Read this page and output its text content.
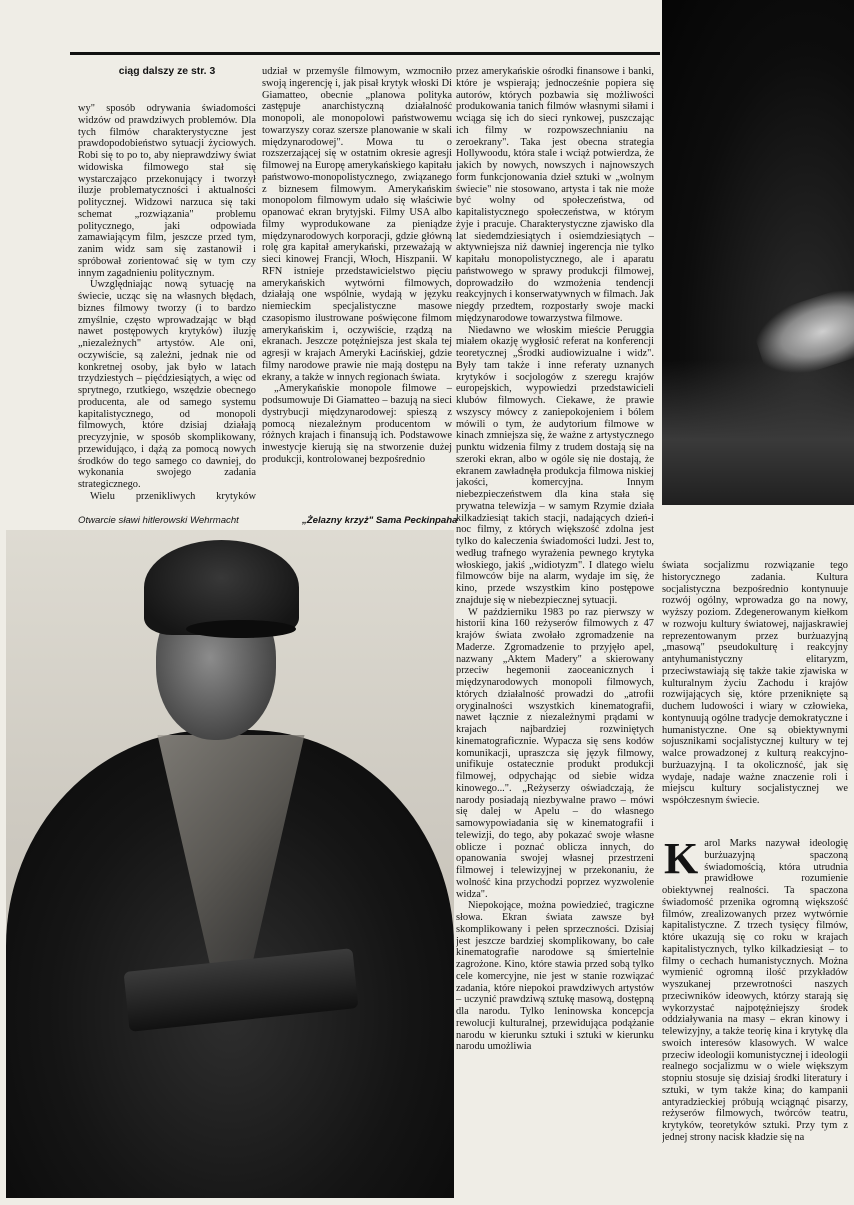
ciąg dalszy ze str. 3

wy" sposób odrywania świadomości widzów od prawdziwych problemów. Dla tych filmów charakterystyczne jest prawdopodobieństwo sytuacji życiowych. Robi się to po to, aby nieprawdziwy świat widowiska filmowego stał się wystarczająco przekonujący i tworzył iluzje problematyczności i aktualności politycznej. Widzowi narzuca się taki schemat „rozwiązania" problemu politycznego, jaki odpowiada zamawiającym film, jeszcze przed tym, zanim widz sam się zastanowił i spróbował zorientować się w tym czy innym zagadnieniu politycznym.

Uwzględniając nową sytuację na świecie, ucząc się na własnych błędach, biznes filmowy tworzy (i to bardzo zmyślnie, często wprowadzając w błąd nawet postępowych krytyków) iluzję „niezależnych" artystów. Ale oni, oczywiście, są zależni, jednak nie od konkretnej osoby, jak było w latach trzydziestych – pięćdziesiątych, a więc od sprytnego, rzutkiego, wszędzie obecnego producenta, ale od samego systemu kapitalistycznego, od monopoli filmowych, które dzisiaj działają precyzyjnie, w sposób skomplikowany, przewidująco, i dążą za pomocą nowych środków do tego samego co dawniej, do wykonania swojego zadania strategicznego.

Wielu przenikliwych krytyków

udział w przemyśle filmowym, wzmocniło swoją ingerencję i, jak pisał krytyk włoski Di Giamatteo, obecnie „planowa polityka zastępuje anarchistyczną działalność monopoli, ale monopolowi państwowemu towarzyszy coraz szersze planowanie w skali międzynarodowej". Mowa tu o rozszerzającej się w ostatnim okresie agresji filmowej na Europę amerykańskiego kapitału państwowo-monopolistycznego, związanego z biznesem filmowym. Amerykańskim monopolom filmowym udało się właściwie opanować ekran brytyjski. Filmy USA albo filmy wyprodukowane za pieniądze międzynarodowych korporacji, gdzie główną rolę gra kapitał amerykański, przeważają w sieci kinowej Francji, Włoch, Hiszpanii. W RFN istnieje przedstawicielstwo pięciu amerykańskich wytwórni filmowych, działają one wspólnie, wydają w języku niemieckim specjalistyczne masowe czasopismo ilustrowane poświęcone filmom amerykańskim i, oczywiście, rządzą na ekranach. Jeszcze potężniejsza jest skala tej agresji w krajach Ameryki Łacińskiej, gdzie filmy narodowe prawie nie mają dostępu na ekrany, a także w innych regionach świata.

„Amerykańskie monopole filmowe – podsumowuje Di Giamatteo – bazują na sieci dystrybucji międzynarodowej: spieszą z pomocą niezależnym producentom w różnych krajach i finansują ich. Podstawowe inwestycje kierują się na stworzenie dużej produkcji, kontrolowanej bezpośrednio

przez amerykańskie ośrodki finansowe i banki, które je wspierają; jednocześnie popiera się autorów, których pozbawia się możliwości produkowania tanich filmów własnymi siłami i wciąga się ich do sieci rynkowej, puszczając ich filmy w rozpowszechnianiu na zeroekrany". Taka jest obecna strategia Hollywoodu, która stale i wciąż potwierdza, że jakich by nowych, nowszych i najnowszych form funkcjonowania dzieł sztuki w „wolnym świecie" nie stosowano, artysta i tak nie może być wolny od społeczeństwa, od kapitalistycznego społeczeństwa, w którym żyje i pracuje. Charakterystyczne zjawisko dla lat siedemdziesiątych i osiemdziesiątych – aktywniejsza niż dawniej ingerencja nie tylko kapitału monopolistycznego, ale i aparatu państwowego w sprawy produkcji filmowej, doprowadziło do wzmożenia tendencji reakcyjnych i konserwatywnych w filmach. Jak niegdy przedtem, rozpostarły swoje macki międzynarodowe towarzystwa filmowe.

Niedawno we włoskim mieście Peruggia miałem okazję wygłosić referat na konferencji teoretycznej „Środki audiowizualne i widz". Były tam także i inne referaty uznanych krytyków i socjologów z szeregu krajów europejskich, wypowiedzi przedstawicieli klubów filmowych. Ciekawe, że prawie wszyscy mówcy z zaniepokojeniem i bólem mówili o tym, że audytorium filmowe w kinach zmniejsza się, że ważne z artystycznego punktu widzenia filmy z trudem dostają się na szeroki ekran, albo w ogóle się nie dostają, że ekranem zawładnęła produkcja filmowa niskiej jakości, komercyjna. Innym niebezpieczeństwem dla kina stała się prywatna telewizja – w samym Rzymie działa kilkadziesiąt takich stacji, nadających dzień-i noc filmy, z których większość zdolna jest tylko do kaleczenia świadomości ludzi. Jest to, według trafnego wyrażenia pewnego krytyka włoskiego, jakiś „widiotyzm". I dlatego wielu filmowców bije na alarm, wydaje im się, że kino, przede wszystkim kino postępowe znajduje się w niebezpiecznej sytuacji.

W październiku 1983 po raz pierwszy w historii kina 160 reżyserów filmowych z 47 krajów świata zwołało zgromadzenie na Maderze. Zgromadzenie to przyjęło apel, nazwany „Aktem Madery" a skierowany przeciw hegemonii zaoceanicznych i międzynarodowych monopoli filmowych, których działalność prowadzi do „atrofii oryginalności wszystkich kinematografii, nawet łącznie z niezależnymi prądami w krajach najbardziej rozwiniętych kinematograficznie. Wypacza się sens kodów komunikacji, upraszcza się język filmowy, unifikuje ostatecznie produkt produkcji filmowej, odpychając od siebie widza kinowego...". „Reżyserzy oświadczają, że narody posiadają niezbywalne prawo – mówi się dalej w Apelu – do własnego samowypowiadania się w kinematografii i telewizji, do tego, aby pokazać swoje własne oblicze i poznać oblicza innych, do opanowania swojej własnej przestrzeni filmowej i telewizyjnej w przekonaniu, że wolność kina przychodzi poprzez wyzwolenie widza".

Niepokojące, można powiedzieć, tragiczne słowa. Ekran świata zawsze był skomplikowany i pełen sprzeczności. Dzisiaj jest jeszcze bardziej skomplikowany, bo całe kinematografie narodowe są śmiertelnie zagrożone. Kino, które stawia przed sobą tylko cele komercyjne, nie jest w stanie rozwiązać zadania, które niepokoi prawdziwych artystów – uczynić prawdziwą sztukę masową, dostępną dla narodu. Tylko leninowska koncepcja rewolucji kulturalnej, przewidująca podążanie narodu w kierunku sztuki i sztuki w kierunku narodu umożliwia

Otwarcie sławi hitlerowski Wehrmacht	„Żelazny krzyż" Sama Peckinpaha

świata socjalizmu rozwiązanie tego historycznego zadania. Kultura socjalistyczna bezpośrednio kontynuuje rozwój ogólny, wprowadza go na nowy, wyższy poziom. Zdegenerowanym kiełkom w rozwoju kultury światowej, najjaskrawiej reprezentowanym przez burżuazyjną „masową" pseudokulturę i reakcyjny antyhumanistyczny elitaryzm, przeciwstawiają się także takie zjawiska w kulturalnym życiu Zachodu i krajów rozwijających się, które przeniknięte są duchem ludowości i wiary w człowieka, kontynuują ogólne tradycje demokratyczne i humanistyczne. One są obiektywnymi sojusznikami socjalistycznej kultury w tej walce prowadzonej z kulturą reakcyjno-burżuazyjną. I ta okoliczność, jak się wydaje, nadaje ważne znaczenie roli i miejscu kultury socjalistycznej we współczesnym świecie.

Karol Marks nazywał ideologię burżuazyjną spaczoną świadomością, która utrudnia prawidłowe rozumienie obiektywnej realności. Ta spaczona świadomość przenika ogromną większość filmów, zrealizowanych przez wytwórnie kapitalistyczne. Z trzech tysięcy filmów, które ukazują się co roku w krajach kapitalistycznych, tylko kilkadziesiąt – to filmy o cechach humanistycznych. Można wymienić ogromną ilość przykładów wyszukanej przewrotności naszych przeciwników ideowych, którzy starają się wykorzystać najpotężniejszy środek oddziaływania na masy – ekran kinowy i telewizyjny, a także teorię kina i krytykę dla swoich interesów klasowych. W walce przeciw ideologii komunistycznej i ideologii realnego socjalizmu w o wiele większym stopniu stosuje się dzisiaj środki literatury i sztuki, w tym także kina; do kampanii antyradzieckiej próbują wciągnąć pisarzy, reżyserów filmowych, twórców teatru, krytyków, teoretyków sztuki. Przy tym z jednej strony nacisk kładzie się na
